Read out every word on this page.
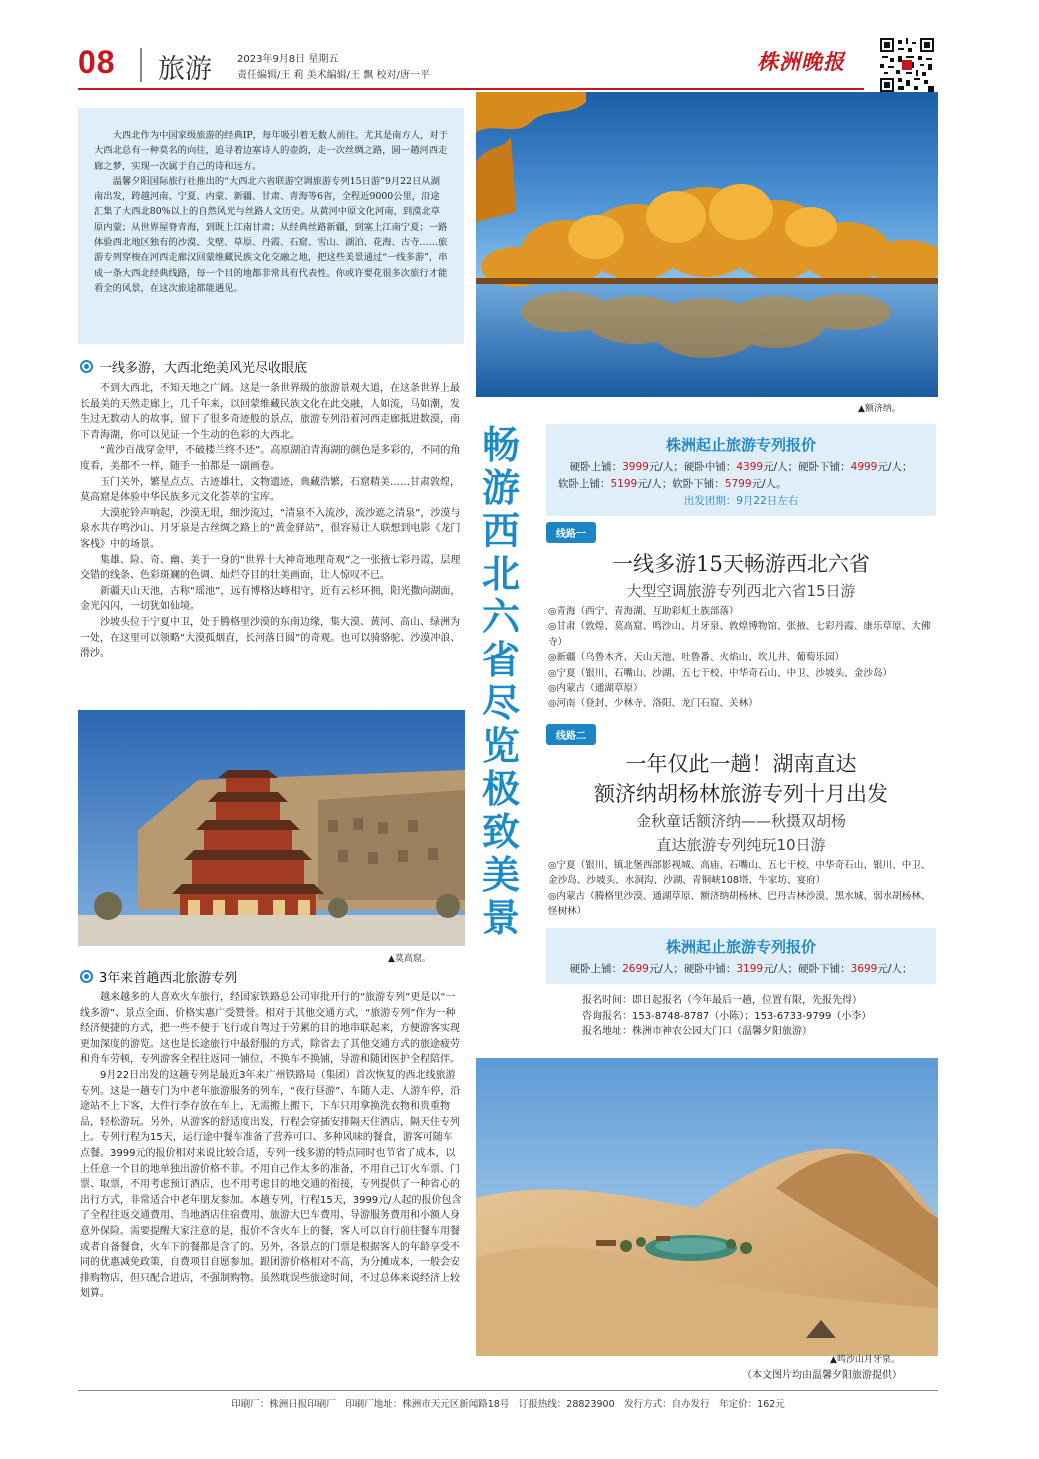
08 旅游	2023年9月8日 星期五
责任编辑/王 莉 美术编辑/王 飘 校对/唐一平
株洲晚报

大西北作为中国家级旅游的经典IP，每年吸引着无数人前往。尤其是南方人，对于大西北总有一种莫名的向往，追寻着边塞诗人的壶韵，走一次丝绸之路，圆一趟河西走廊之梦，实现一次属于自己的诗和远方。

温馨夕阳国际旅行社推出的“大西北六省联游空调旅游专列15日游”9月22日从湖南出发，跨越河南、宁夏、内蒙、新疆、甘肃、青海等6省，全程近9000公里，沿途汇集了大西北80%以上的自然风光与丝路人文历史。从黄河中原文化河南，到漠北草原内蒙；从世界屋脊青海，到既上江南甘肃；从经典丝路新疆，到塞上江南宁夏；一路体验西北地区独有的沙漠、戈壁、草原、丹霞、石窟、雪山、湖泊、花海、古寺……旅游专列穿梭在河西走廊汉回蒙维藏民族文化交融之地，把这些美景通过“一线多游”，串成一条大西北经典线路，每一个目的地都非常具有代表性。你或许要花很多次旅行才能看全的风景，在这次旅途都能遇见。

▲额济纳。
一线多游，大西北绝美风光尽收眼底

不到大西北，不知天地之广阔。这是一条世界级的旅游景观大道，在这条世界上最长最美的天然走廊上，几千年来，以回蒙维藏民族文化在此交融，人如流，马如潮，发生过无数动人的故事，留下了很多奇迹般的景点，旅游专列沿着河西走廊抵进数漠，南下青海湖，你可以见证一个生动的色彩的大西北。

“黄沙百战穿金甲，不破楼兰终不还”。高原湖泊青海湖的颜色是多彩的，不同的角度看，美都不一样，随手一拍都是一副画卷。

玉门关外，繁星点点、古迹雄壮，文物遗迹，典藏浩繁，石窟精美……甘肃敦煌，莫高窟是体验中华民族多元文化荟萃的宝库。

大漠驼铃声响起，沙漠无垠，细沙流过，“清泉不入流沙，流沙遮之清泉”，沙漠与泉水共存鸣沙山、月牙泉是古丝绸之路上的“黄金驿站”，很容易让人联想到电影《龙门客栈》中的场景。

集雄、险、奇、幽、美于一身的“世界十大神奇地理奇观”之一张掖七彩丹霞，层理交错的线条、色彩斑斓的色调、灿烂夺目的壮美画面，让人惊叹不已。

新疆天山天池，古称“瑶池”，远有博格达峰相守，近有云杉环拥，阳光撒向湖面，金光闪闪，一切犹如仙境。

沙坡头位于宁夏中卫，处于腾格里沙漠的东南边缘，集大漠、黄河、高山、绿洲为一处，在这里可以领略“大漠孤烟直，长河落日圆”的奇观。也可以骑骆驼、沙漠冲浪、滑沙。

▲莫高窟。
3年来首趟西北旅游专列

越来越多的人喜欢火车旅行，经国家铁路总公司审批开行的“旅游专列”更是以“一线多游”、景点全面、价格实惠广受赞誉。相对于其他交通方式，“旅游专列”作为一种经济便捷的方式，把一些不便于飞行或自驾过于劳累的目的地串联起来，方便游客实现更加深度的游览。这也是长途旅行中最舒服的方式，除省去了其他交通方式的旅途疲劳和舟车劳顿，专列游客全程往返同一铺位，不换车不换铺，导游和随团医护全程陪伴。

9月22日出发的这趟专列是最近3年来广州铁路局（集团）首次恢复的西北线旅游专列。这是一趟专门为中老年旅游服务的列车，“夜行昼游”、车随人走、人游车停，沿途站不上下客，大件行李存放在车上，无需搬上搬下，下车只用拿换洗衣物和贵重物品，轻松游玩。另外，从游客的舒适度出发，行程会穿插安排隔天住酒店，隔天住专列上。专列行程为15天，运行途中餐车准备了营养可口、多种风味的餐食，游客可随车点餐。3999元的报价相对来说比较合适，专列一线多游的特点同时也节省了成本，以上任意一个目的地单独出游价格不菲。不用自己作太多的准备，不用自己订火车票、门票、取票，不用考虑预订酒店，也不用考虑目的地交通的衔接，专列提供了一种省心的出行方式，非常适合中老年朋友参加。本趟专列，行程15天，3999元/人起的报价包含了全程往返交通费用、当地酒店住宿费用、旅游大巴车费用、导游服务费用和小额人身意外保险。需要提醒大家注意的是，报价不含火车上的餐，客人可以自行前往餐车用餐或者自备餐食，火车下的餐都是含了的。另外，各景点的门票是根据客人的年龄享受不同的优惠减免政策，自费项目自愿参加。跟团游价格相对不高，为分摊成本，一般会安排购物店，但只配合进店，不强制购物。虽然耽误些旅途时间，不过总体来说经济上较划算。

畅游西北六省 尽览极致美景
株洲起止旅游专列报价
硬卧上铺：3999元/人；硬卧中铺：4399元/人；硬卧下铺：4999元/人；
软卧上铺：5199元/人；软卧下铺：5799元/人。
出发团期：9月22日左右
线路一
一线多游15天畅游西北六省
大型空调旅游专列西北六省15日游
◎青海（西宁、青海湖、互助彩虹土族部落）
◎甘肃（敦煌、莫高窟、鸣沙山、月牙泉、敦煌博物馆、张掖、七彩丹霞、康乐草原、大佛寺）
◎新疆（乌鲁木齐、天山天池、吐鲁番、火焰山、坎儿井、葡萄乐园）
◎宁夏（银川、石嘴山、沙湖、五七干校、中华奇石山、中卫、沙坡头、金沙岛）
◎内蒙古（通湖草原）
◎河南（登封、少林寺、洛阳、龙门石窟、关林）
线路二
一年仅此一趟！湖南直达
额济纳胡杨林旅游专列十月出发
金秋童话额济纳——秋摄双胡杨
直达旅游专列纯玩10日游
◎宁夏（银川、镇北堡西部影视城、高庙、石嘴山、五七干校、中华奇石山、银川、中卫、金沙岛、沙坡头、水洞沟、沙湖、青铜峡108塔、牛家坊、宴府）
◎内蒙古（腾格里沙漠、通湖草原、额济纳胡杨林、巴丹吉林沙漠、黑水城、弱水胡杨林、怪树林）
株洲起止旅游专列报价
硬卧上铺：2699元/人；硬卧中铺：3199元/人；硬卧下铺：3699元/人；
报名时间：即日起报名（今年最后一趟，位置有限，先报先得）
咨询报名：153-8748-8787（小陈）；153-6733-9799（小李）
报名地址：株洲市神农公园大门口（温馨夕阳旅游）
▲鸣沙山月牙泉。
（本文图片均由温馨夕阳旅游提供）
印刷厂：株洲日报印刷厂　印刷厂地址：株洲市天元区新闻路18号　订报热线：28823900　发行方式：自办发行　年定价：162元
